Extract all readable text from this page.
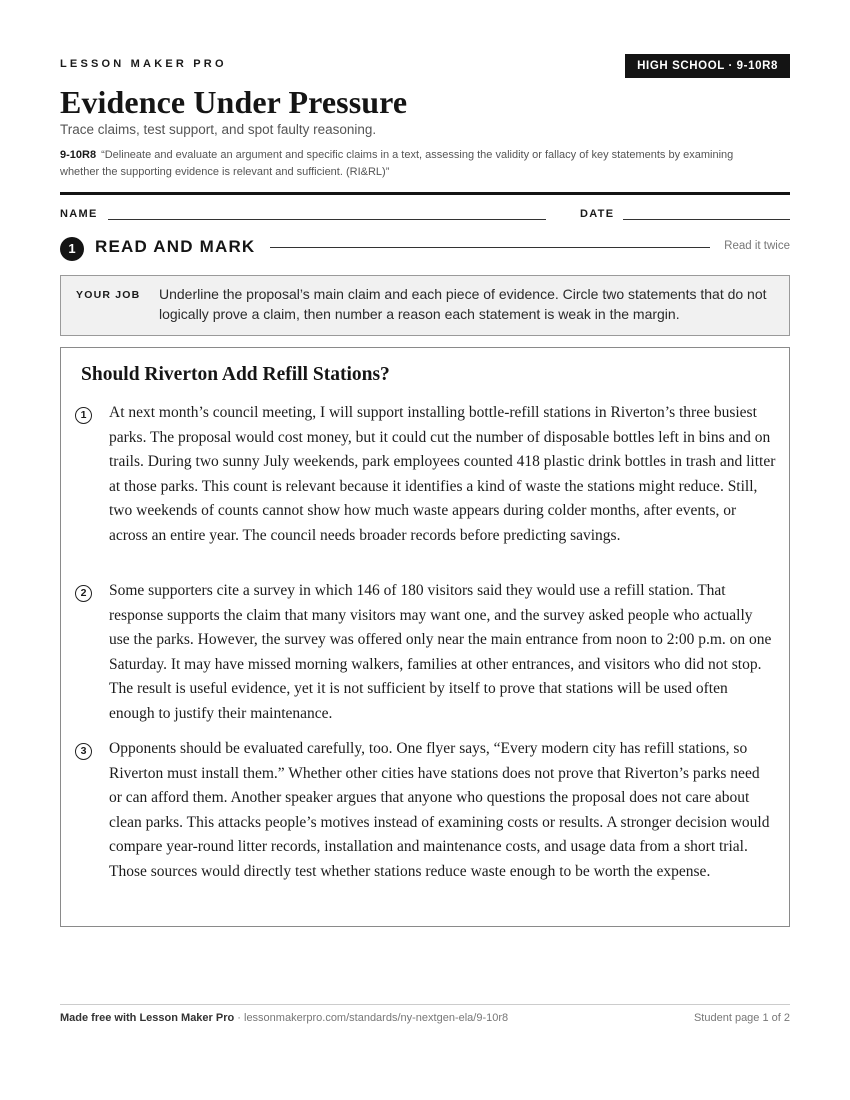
LESSON MAKER PRO	HIGH SCHOOL · 9-10R8
Evidence Under Pressure
Trace claims, test support, and spot faulty reasoning.
9-10R8 “Delineate and evaluate an argument and specific claims in a text, assessing the validity or fallacy of key statements by examining whether the supporting evidence is relevant and sufficient. (RI&RL)”
NAME	DATE
1	READ AND MARK	Read it twice
YOUR JOB Underline the proposal’s main claim and each piece of evidence. Circle two statements that do not logically prove a claim, then number a reason each statement is weak in the margin.
Should Riverton Add Refill Stations?
1	At next month’s council meeting, I will support installing bottle-refill stations in Riverton’s three busiest parks. The proposal would cost money, but it could cut the number of disposable bottles left in bins and on trails. During two sunny July weekends, park employees counted 418 plastic drink bottles in trash and litter at those parks. This count is relevant because it identifies a kind of waste the stations might reduce. Still, two weekends of counts cannot show how much waste appears during colder months, after events, or across an entire year. The council needs broader records before predicting savings.

2	Some supporters cite a survey in which 146 of 180 visitors said they would use a refill station. That response supports the claim that many visitors may want one, and the survey asked people who actually use the parks. However, the survey was offered only near the main entrance from noon to 2:00 p.m. on one Saturday. It may have missed morning walkers, families at other entrances, and visitors who did not stop. The result is useful evidence, yet it is not sufficient by itself to prove that stations will be used often enough to justify their maintenance.

3	Opponents should be evaluated carefully, too. One flyer says, “Every modern city has refill stations, so Riverton must install them.” Whether other cities have stations does not prove that Riverton’s parks need or can afford them. Another speaker argues that anyone who questions the proposal does not care about clean parks. This attacks people’s motives instead of examining costs or results. A stronger decision would compare year-round litter records, installation and maintenance costs, and usage data from a short trial. Those sources would directly test whether stations reduce waste enough to be worth the expense.

Made free with Lesson Maker Pro · lessonmakerpro.com/standards/ny-nextgen-ela/9-10r8	Student page 1 of 2
